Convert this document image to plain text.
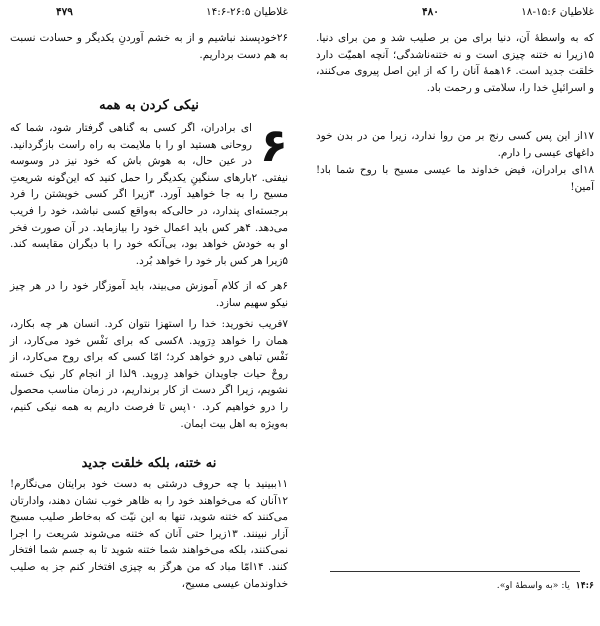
غلاطیان ۲۶:۵-۱۴:۶
۴۷۹
۲۶خودپسند نباشیم و از به خشم آوردنِ یکدیگر و حسادت نسبت به هم دست برداریم.
نیکی کردن به همه
۶
ای برادران، اگر کسی به گناهی گرفتار شود، شما که روحانی هستید او را با ملایمت به راه راست بازگردانید. در عین حال، به هوش باش که خود نیز در وسوسه نیفتی. ۲بارهای سنگینِ یکدیگر را حمل کنید که این‌گونه شریعتِ مسیح را به جا خواهید آورد. ۳زیرا اگر کسی خویشتن را فرد برجسته‌ای پندارد، در حالی‌که به‌واقع کسی نباشد، خود را فریب می‌دهد. ۴هر کس باید اعمال خود را بیازماید. در آن صورت فخر او به خودش خواهد بود، بی‌آنکه خود را با دیگران مقایسه کند. ۵زیرا هر کس بار خود را خواهد بُرد.
۶هر که از کلام آموزش می‌بیند، باید آموزگار خود را در هر چیز نیکو سهیم سازد.
۷فریب نخورید: خدا را استهزا نتوان کرد. انسان هر چه بکارد، همان را خواهد دِرَوید. ۸کسی که برای نَفْس خود می‌کارد، از نَفْس تباهی درو خواهد کرد؛ امّا کسی که برای روح می‌کارد، از روحْ حیات جاویدان خواهد دِروید. ۹لذا از انجام کار نیک خسته نشویم، زیرا اگر دست از کار برنداریم، در زمان مناسب محصول را درو خواهیم کرد. ۱۰پس تا فرصت داریم به همه نیکی کنیم، به‌ویژه به اهل بیت ایمان.
نه ختنه، بلکه خلقت جدید
۱۱ببینید با چه حروف درشتی به دست خود برایتان می‌نگارم! ۱۲آنان که می‌خواهند خود را به ظاهر خوب نشان دهند، وادارتان می‌کنند که ختنه شوید، تنها به این نیّت که به‌خاطر صلیب مسیح آزار نبینند. ۱۳زیرا حتی آنان که ختنه می‌شوند شریعت را اجرا نمی‌کنند، بلکه می‌خواهند شما ختنه شوید تا به جسم شما افتخار کنند. ۱۴امّا مباد که من هرگز به چیزی افتخار کنم جز به صلیب خداوندمان عیسی مسیح،
غلاطیان ۱۵:۶-۱۸
۴۸۰
که به واسطهٔ آن، دنیا برای من بر صلیب شد و من برای دنیا. ۱۵زیرا نه ختنه چیزی است و نه ختنه‌ناشدگی؛ آنچه اهمیّت دارد خلقت جدید است. ۱۶همهٔ آنان را که از این اصل پیروی می‌کنند، و اسرائیلِ خدا را، سلامتی و رحمت باد.
۱۷از این پس کسی رنج بر من روا ندارد، زیرا من در بدن خود داغهای عیسی را دارم.
۱۸ای برادران، فیض خداوند ما عیسی مسیح با روح شما باد! آمین!
۱۴:۶یا: «به واسطهٔ او».
